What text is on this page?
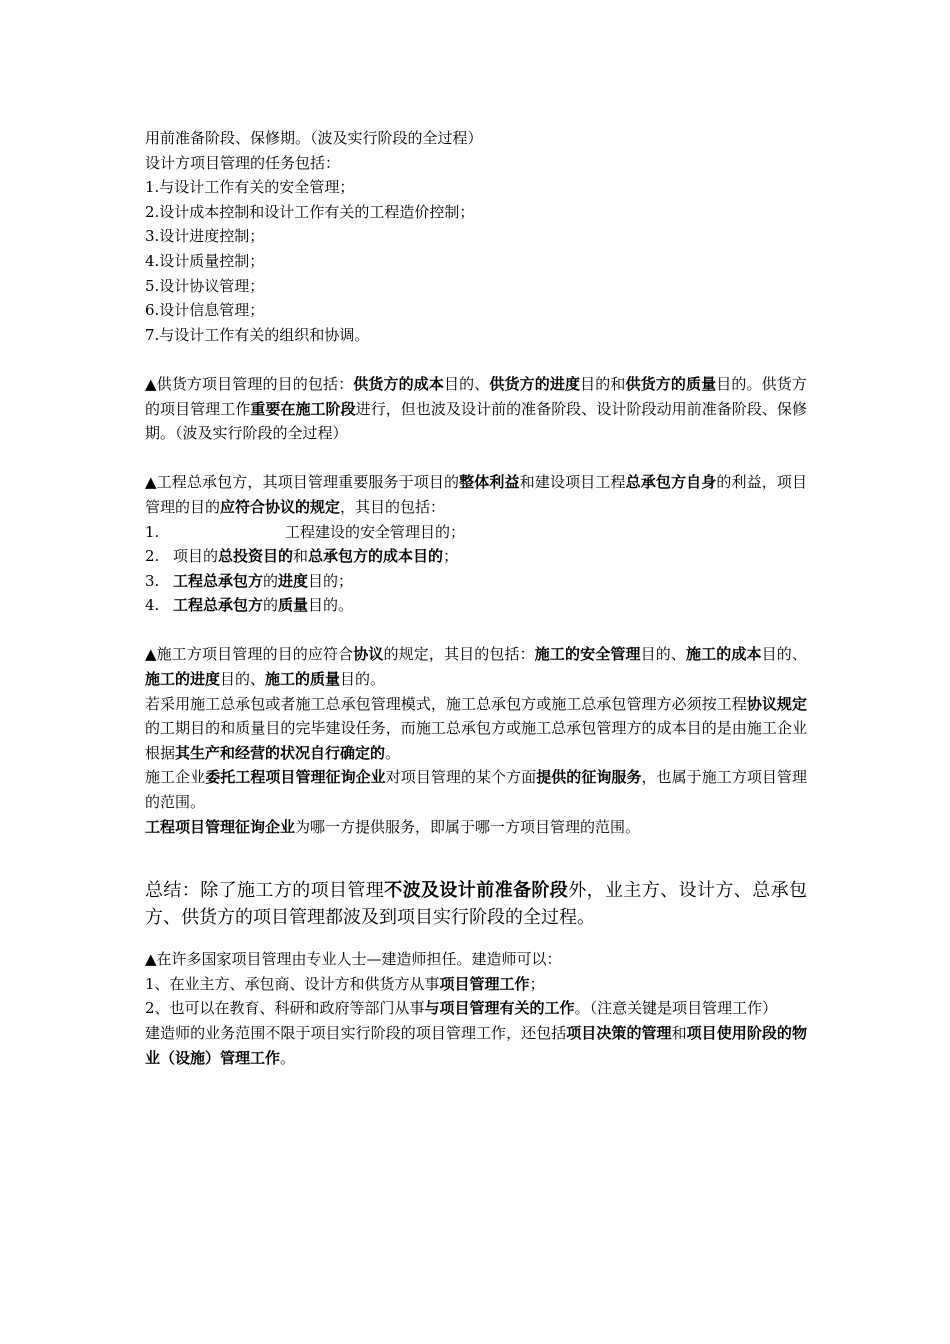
用前准备阶段、保修期。（波及实行阶段的全过程）

设计方项目管理的任务包括：

1.与设计工作有关的安全管理；

2.设计成本控制和设计工作有关的工程造价控制；

3.设计进度控制；

4.设计质量控制；

5.设计协议管理；

6.设计信息管理；

7.与设计工作有关的组织和协调。

▲供货方项目管理的目的包括：供货方的成本目的、供货方的进度目的和供货方的质量目的。供货方的项目管理工作重要在施工阶段进行，但也波及设计前的准备阶段、设计阶段动用前准备阶段、保修期。（波及实行阶段的全过程）

▲工程总承包方，其项目管理重要服务于项目的整体利益和建设项目工程总承包方自身的利益，项目管理的目的应符合协议的规定，其目的包括：

1.	工程建设的安全管理目的；

2. 项目的总投资目的和总承包方的成本目的；

3. 工程总承包方的进度目的；

4. 工程总承包方的质量目的。

▲施工方项目管理的目的应符合协议的规定，其目的包括：施工的安全管理目的、施工的成本目的、施工的进度目的、施工的质量目的。

若采用施工总承包或者施工总承包管理模式，施工总承包方或施工总承包管理方必须按工程协议规定的工期目的和质量目的完毕建设任务，而施工总承包方或施工总承包管理方的成本目的是由施工企业根据其生产和经营的状况自行确定的。

施工企业委托工程项目管理征询企业对项目管理的某个方面提供的征询服务，也属于施工方项目管理的范围。

工程项目管理征询企业为哪一方提供服务，即属于哪一方项目管理的范围。

总结：除了施工方的项目管理不波及设计前准备阶段外，业主方、设计方、总承包方、供货方的项目管理都波及到项目实行阶段的全过程。

▲在许多国家项目管理由专业人士—建造师担任。建造师可以：

1、在业主方、承包商、设计方和供货方从事项目管理工作；

2、也可以在教育、科研和政府等部门从事与项目管理有关的工作。（注意关键是项目管理工作）

建造师的业务范围不限于项目实行阶段的项目管理工作，还包括项目决策的管理和项目使用阶段的物业（设施）管理工作。
